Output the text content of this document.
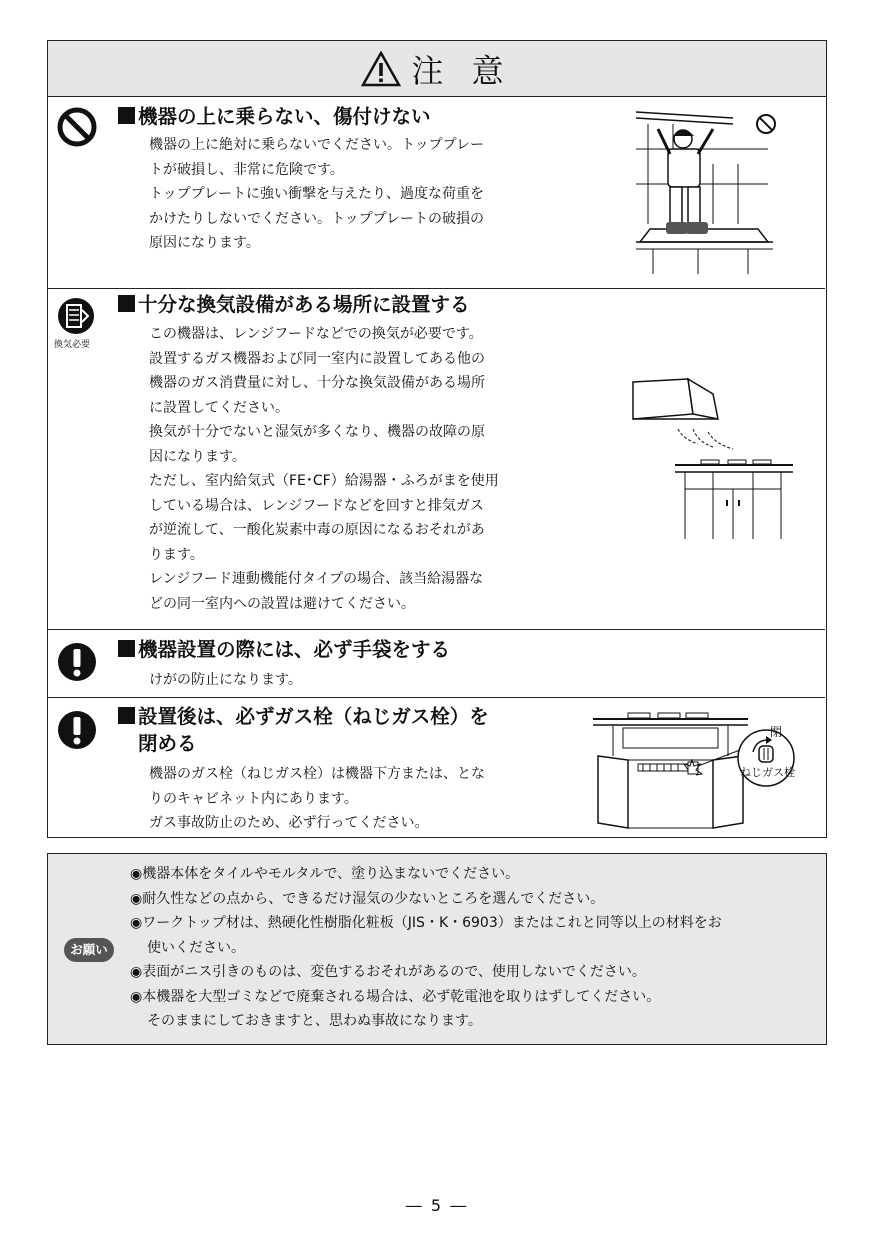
注 意
機器の上に乗らない、傷付けない
機器の上に絶対に乗らないでください。トッププレー
トが破損し、非常に危険です。
トッププレートに強い衝撃を与えたり、過度な荷重を
かけたりしないでください。トッププレートの破損の
原因になります。
換気必要
十分な換気設備がある場所に設置する
この機器は、レンジフードなどでの換気が必要です。
設置するガス機器および同一室内に設置してある他の
機器のガス消費量に対し、十分な換気設備がある場所
に設置してください。
換気が十分でないと湿気が多くなり、機器の故障の原
因になります。
ただし、室内給気式（FE･CF）給湯器・ふろがまを使用
している場合は、レンジフードなどを回すと排気ガス
が逆流して、一酸化炭素中毒の原因になるおそれがあ
ります。
レンジフード連動機能付タイプの場合、該当給湯器な
どの同一室内への設置は避けてください。
機器設置の際には、必ず手袋をする
けがの防止になります。
設置後は、必ずガス栓（ねじガス栓）を
閉める
機器のガス栓（ねじガス栓）は機器下方または、とな
りのキャビネット内にあります。
ガス事故防止のため、必ず行ってください。
閉
ねじガス栓
お願い
◉機器本体をタイルやモルタルで、塗り込まないでください。
◉耐久性などの点から、できるだけ湿気の少ないところを選んでください。
◉ワークトップ材は、熱硬化性樹脂化粧板（JIS・K・6903）またはこれと同等以上の材料をお
使いください。
◉表面がニス引きのものは、変色するおそれがあるので、使用しないでください。
◉本機器を大型ゴミなどで廃棄される場合は、必ず乾電池を取りはずしてください。
そのままにしておきますと、思わぬ事故になります。
― 5 ―
